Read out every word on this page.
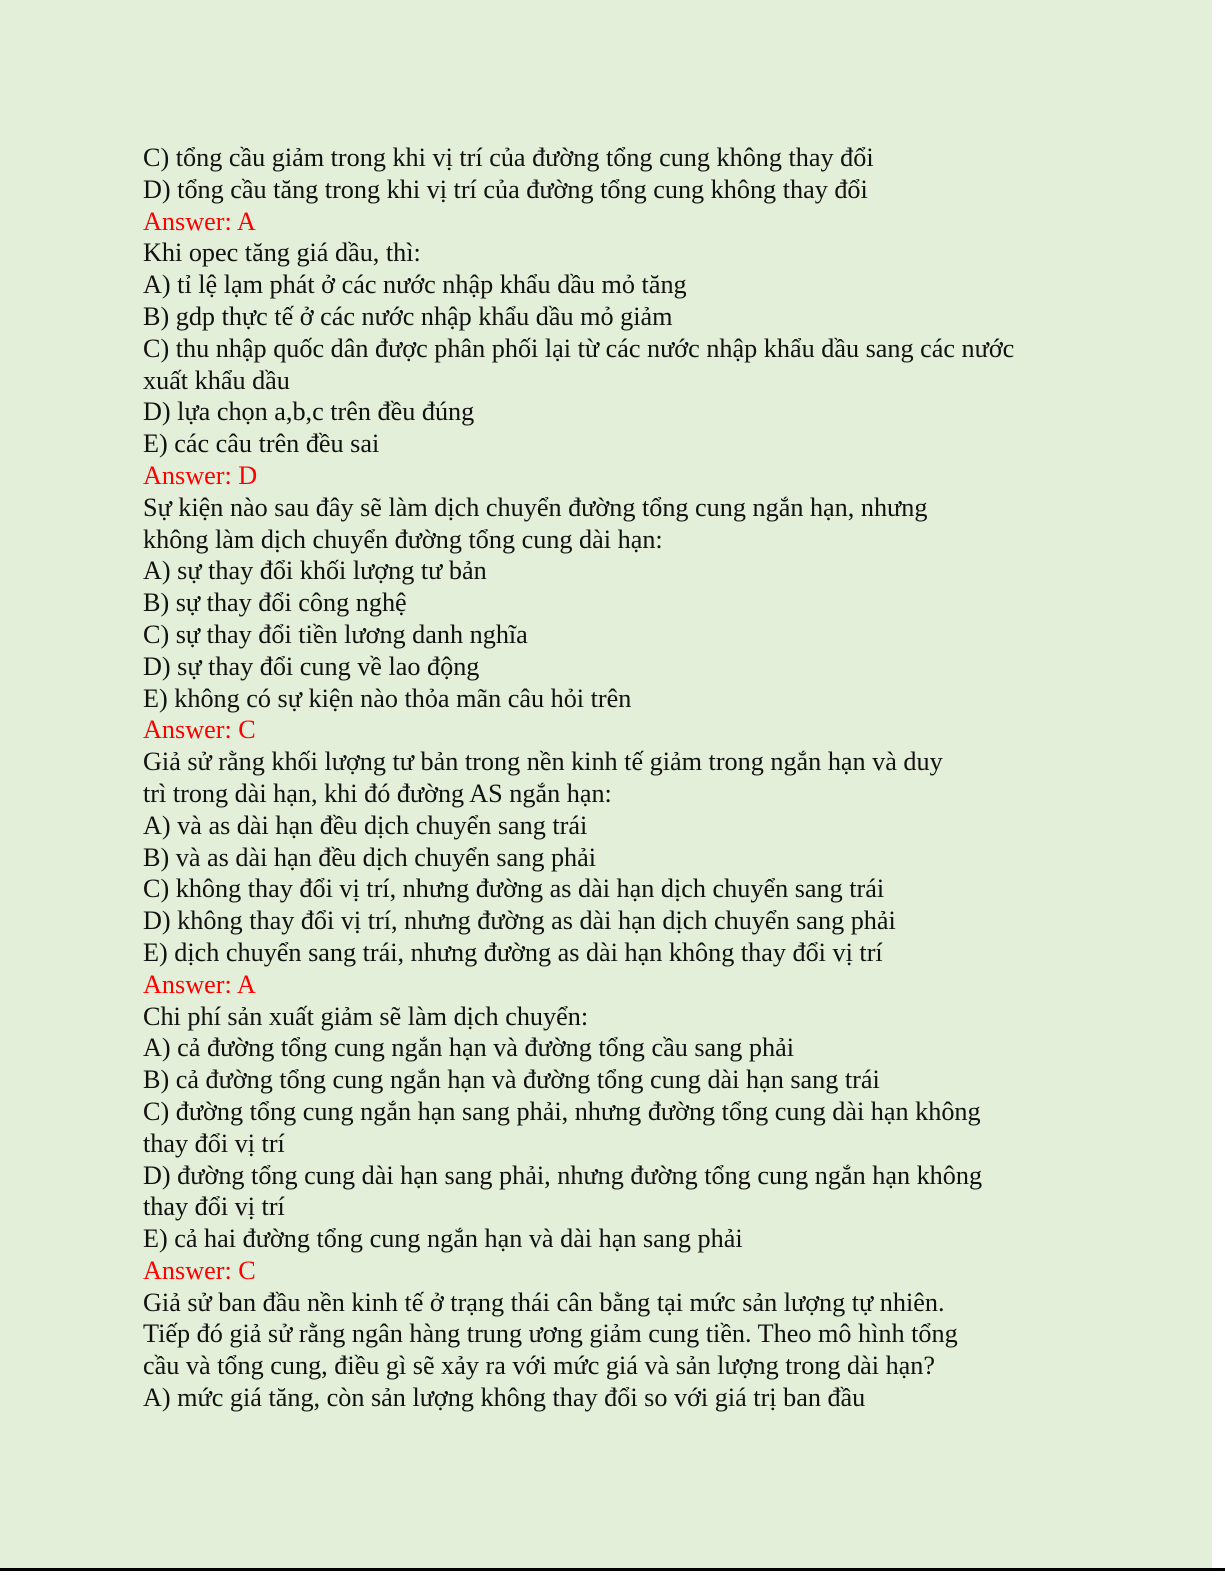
C) tổng cầu giảm trong khi vị trí của đường tổng cung không thay đổi
D) tổng cầu tăng trong khi vị trí của đường tổng cung không thay đổi
Answer: A
Khi opec tăng giá dầu, thì:
A) tỉ lệ lạm phát ở các nước nhập khẩu dầu mỏ tăng
B) gdp thực tế ở các nước nhập khẩu dầu mỏ giảm
C) thu nhập quốc dân được phân phối lại từ các nước nhập khẩu dầu sang các nước
xuất khẩu dầu
D) lựa chọn a,b,c trên đều đúng
E) các câu trên đều sai
Answer: D
Sự kiện nào sau đây sẽ làm dịch chuyển đường tổng cung ngắn hạn, nhưng
không làm dịch chuyển đường tổng cung dài hạn:
A) sự thay đổi khối lượng tư bản
B) sự thay đổi công nghệ
C) sự thay đổi tiền lương danh nghĩa
D) sự thay đổi cung về lao động
E) không có sự kiện nào thỏa mãn câu hỏi trên
Answer: C
Giả sử rằng khối lượng tư bản trong nền kinh tế giảm trong ngắn hạn và duy
trì trong dài hạn, khi đó đường AS ngắn hạn:
A) và as dài hạn đều dịch chuyển sang trái
B) và as dài hạn đều dịch chuyển sang phải
C) không thay đổi vị trí, nhưng đường as dài hạn dịch chuyển sang trái
D) không thay đổi vị trí, nhưng đường as dài hạn dịch chuyển sang phải
E) dịch chuyển sang trái, nhưng đường as dài hạn không thay đổi vị trí
Answer: A
Chi phí sản xuất giảm sẽ làm dịch chuyển:
A) cả đường tổng cung ngắn hạn và đường tổng cầu sang phải
B) cả đường tổng cung ngắn hạn và đường tổng cung dài hạn sang trái
C) đường tổng cung ngắn hạn sang phải, nhưng đường tổng cung dài hạn không
thay đổi vị trí
D) đường tổng cung dài hạn sang phải, nhưng đường tổng cung ngắn hạn không
thay đổi vị trí
E) cả hai đường tổng cung ngắn hạn và dài hạn sang phải
Answer: C
Giả sử ban đầu nền kinh tế ở trạng thái cân bằng tại mức sản lượng tự nhiên.
Tiếp đó giả sử rằng ngân hàng trung ương giảm cung tiền. Theo mô hình tổng
cầu và tổng cung, điều gì sẽ xảy ra với mức giá và sản lượng trong dài hạn?
A) mức giá tăng, còn sản lượng không thay đổi so với giá trị ban đầu
